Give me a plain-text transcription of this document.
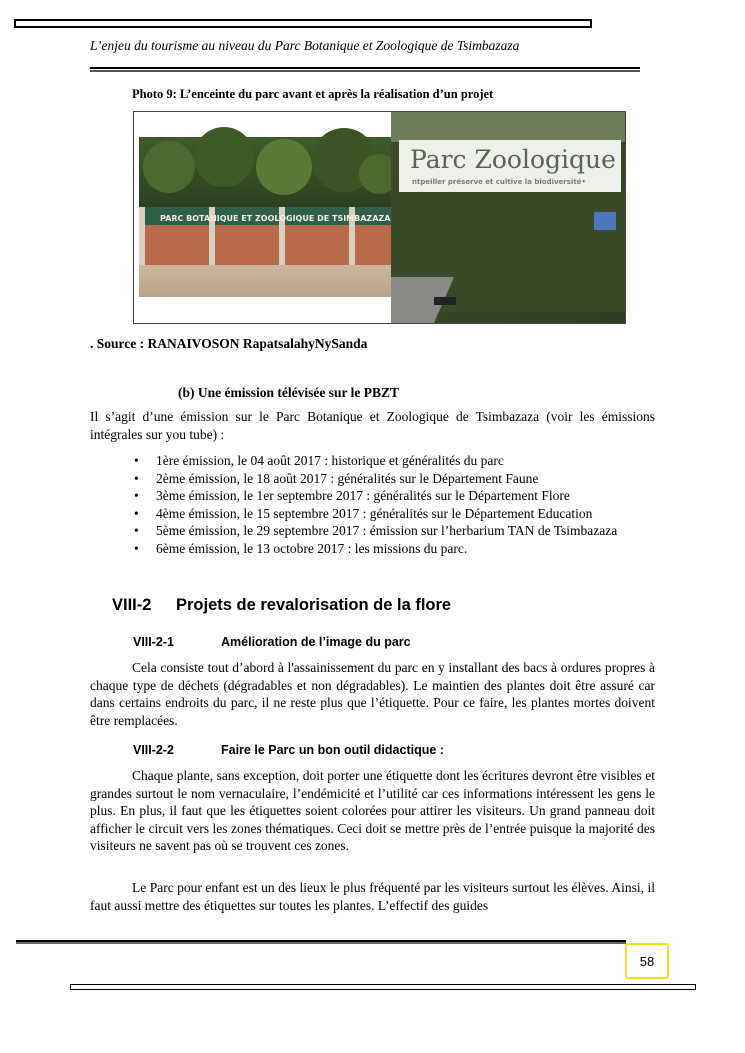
L’enjeu du tourisme au niveau du Parc Botanique et Zoologique de Tsimbazaza
Photo 9: L’enceinte du parc avant et après la réalisation d’un projet
PARC BOTANIQUE ET ZOOLOGIQUE DE TSIMBAZAZA
Parc Zoologique
ntpeiller préserve et cultive la biodiversité•
. Source : RANAIVOSON RapatsalahyNySanda
(b) Une émission télévisée sur le PBZT
Il s’agit d’une émission sur le Parc Botanique et Zoologique de Tsimbazaza (voir les émissions intégrales sur you tube) :
• 1ère émission, le 04 août 2017 : historique et généralités du parc
• 2ème émission, le 18 août 2017 : généralités sur le Département Faune
• 3ème émission, le 1er septembre 2017 : généralités sur le Département Flore
• 4ème émission, le 15 septembre 2017 : généralités sur le Département Education
• 5ème émission, le 29 septembre 2017 : émission sur l’herbarium TAN de Tsimbazaza
• 6ème émission, le 13 octobre 2017 : les missions du parc.
VIII-2 Projets de revalorisation de la flore
VIII-2-1	Amélioration de l’image du parc
Cela consiste tout d’abord à l'assainissement du parc en y installant des bacs à ordures propres à chaque type de déchets (dégradables et non dégradables). Le maintien des plantes doit être assuré car dans certains endroits du parc, il ne reste plus que l’étiquette. Pour ce faire, les plantes mortes doivent être remplacées.
VIII-2-2	Faire le Parc un bon outil didactique :
Chaque plante, sans exception, doit porter une étiquette dont les écritures devront être visibles et grandes surtout le nom vernaculaire, l’endémicité et l’utilité car ces informations intéressent les gens le plus. En plus, il faut que les étiquettes soient colorées pour attirer les visiteurs. Un grand panneau doit afficher le circuit vers les zones thématiques. Ceci doit se mettre près de l’entrée puisque la majorité des visiteurs ne savent pas où se trouvent ces zones.
Le Parc pour enfant est un des lieux le plus fréquenté par les visiteurs surtout les élèves. Ainsi, il faut aussi mettre des étiquettes sur toutes les plantes. L’effectif des guides
58
